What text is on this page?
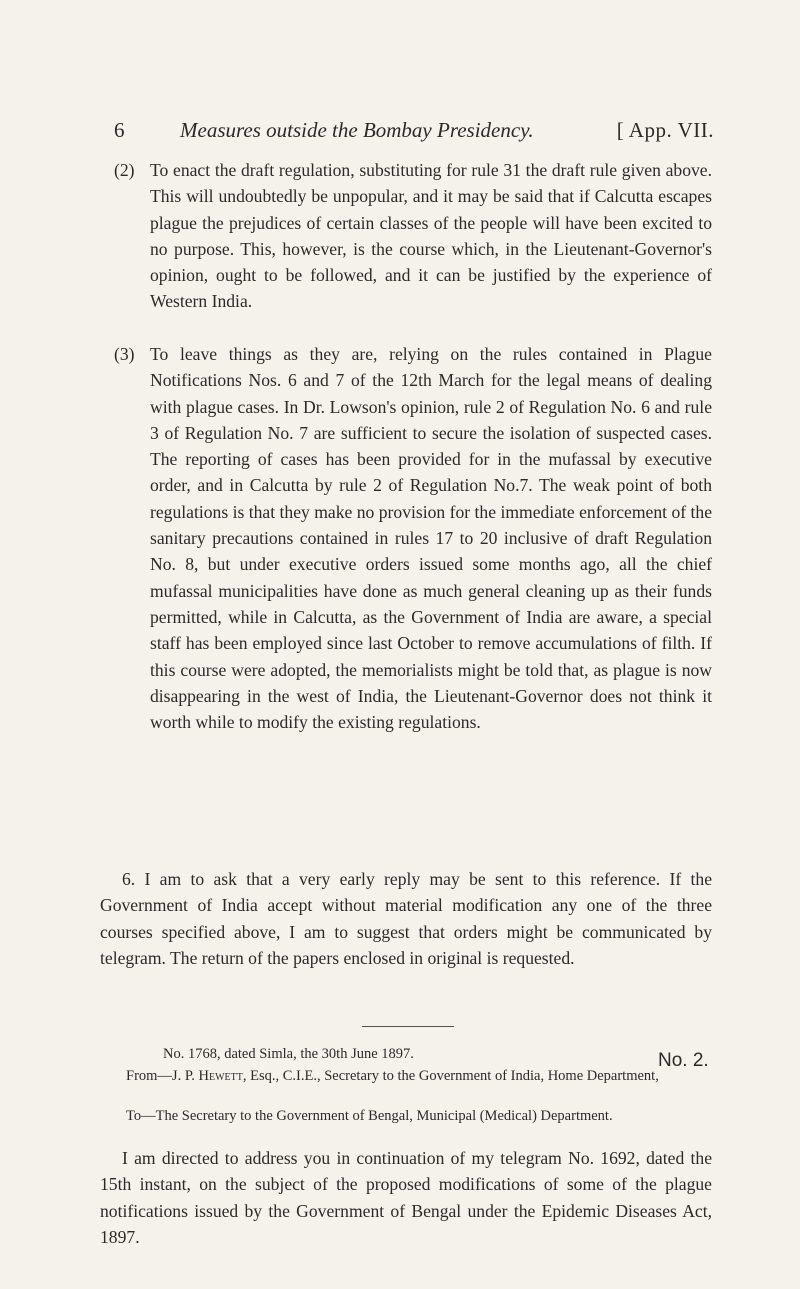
6	Measures outside the Bombay Presidency.	[ App. VII.

(2) To enact the draft regulation, substituting for rule 31 the draft rule given above. This will undoubtedly be unpopular, and it may be said that if Calcutta escapes plague the prejudices of certain classes of the people will have been excited to no purpose. This, however, is the course which, in the Lieutenant-Governor's opinion, ought to be followed, and it can be justified by the experience of Western India.

(3) To leave things as they are, relying on the rules contained in Plague Notifications Nos. 6 and 7 of the 12th March for the legal means of dealing with plague cases. In Dr. Lowson's opinion, rule 2 of Regulation No. 6 and rule 3 of Regulation No. 7 are sufficient to secure the isolation of suspected cases. The reporting of cases has been provided for in the mufassal by executive order, and in Calcutta by rule 2 of Regulation No.7. The weak point of both regulations is that they make no provision for the immediate enforcement of the sanitary precautions contained in rules 17 to 20 inclusive of draft Regulation No. 8, but under executive orders issued some months ago, all the chief mufassal municipalities have done as much general cleaning up as their funds permitted, while in Calcutta, as the Government of India are aware, a special staff has been employed since last October to remove accumulations of filth. If this course were adopted, the memorialists might be told that, as plague is now disappearing in the west of India, the Lieutenant-Governor does not think it worth while to modify the existing regulations.

6. I am to ask that a very early reply may be sent to this reference. If the Government of India accept without material modification any one of the three courses specified above, I am to suggest that orders might be communicated by telegram. The return of the papers enclosed in original is requested.

No. 1768, dated Simla, the 30th June 1897.	No. 2.

From—J. P. Hewett, Esq., C.I.E., Secretary to the Government of India, Home Department,

To—The Secretary to the Government of Bengal, Municipal (Medical) Department.

I am directed to address you in continuation of my telegram No. 1692, dated the 15th instant, on the subject of the proposed modifications of some of the plague notifications issued by the Government of Bengal under the Epidemic Diseases Act, 1897.
